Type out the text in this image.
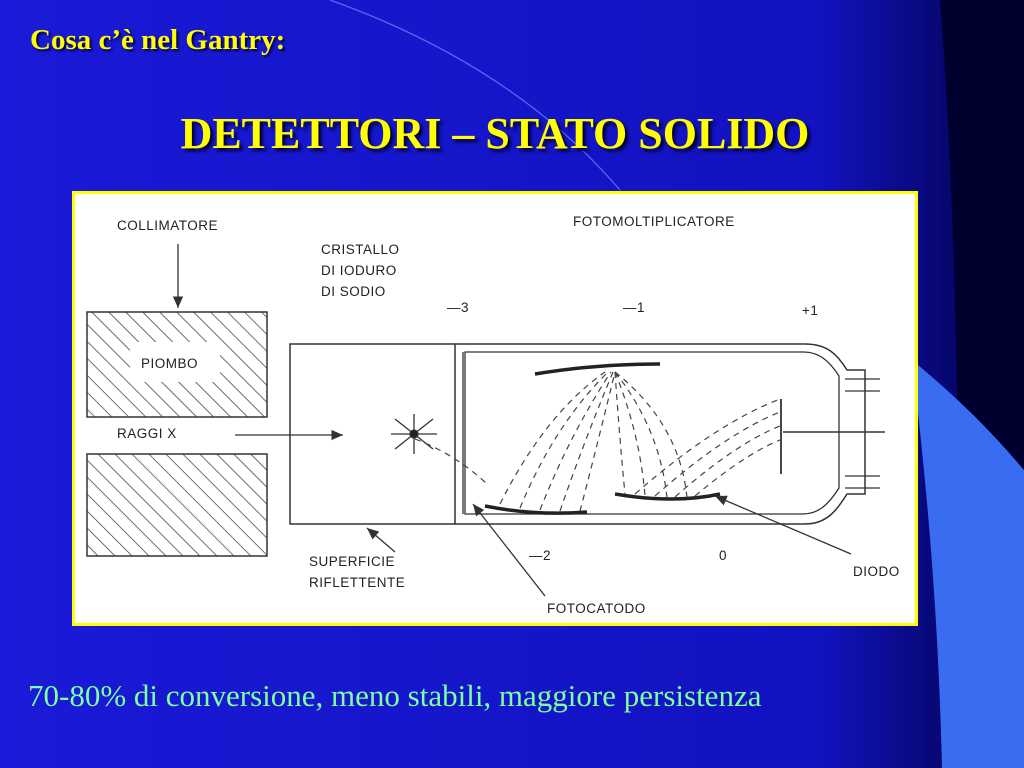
Cosa c’è nel Gantry:
DETETTORI – STATO SOLIDO
COLLIMATORE
CRISTALLO
DI IODURO
DI SODIO
FOTOMOLTIPLICATORE
PIOMBO
RAGGI X
SUPERFICIE
RIFLETTENTE
FOTOCATODO
DIODO
—3	—1	+1
—2	0
70-80% di conversione, meno stabili, maggiore persistenza
